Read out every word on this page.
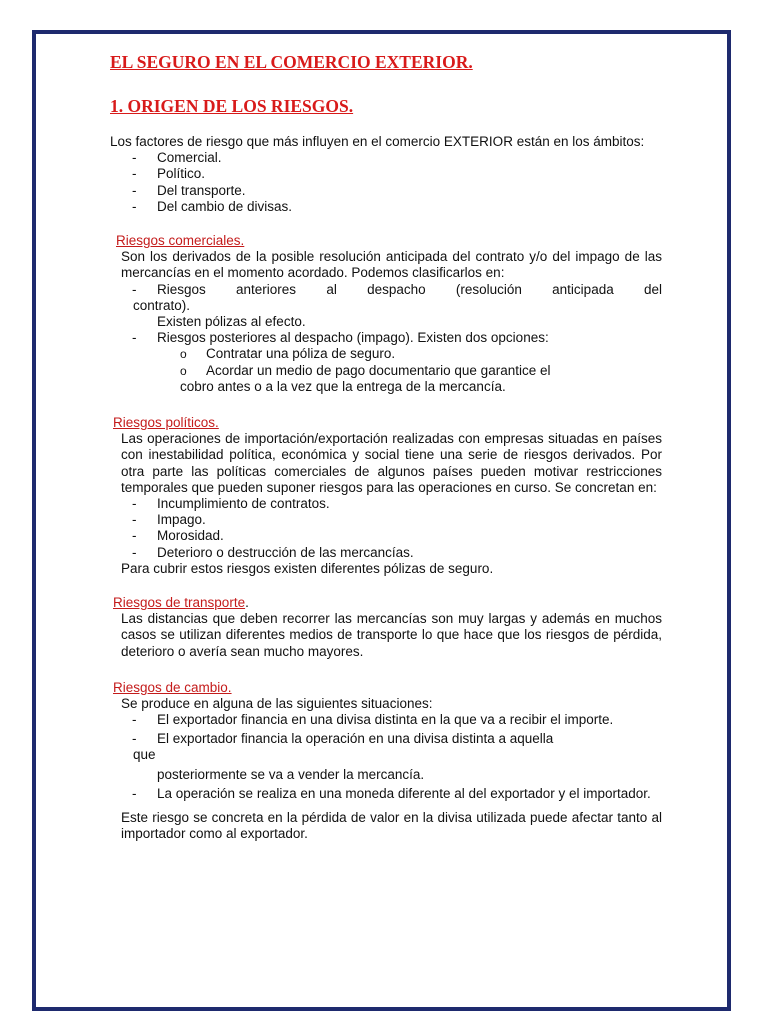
EL SEGURO EN EL COMERCIO EXTERIOR.
1. ORIGEN DE LOS RIESGOS.
Los factores de riesgo que más influyen en el comercio EXTERIOR están en los ámbitos:
- Comercial.
- Político.
- Del transporte.
- Del cambio de divisas.
Riesgos comerciales.
Son los derivados de la posible resolución anticipada del contrato y/o del impago de las mercancías en el momento acordado. Podemos clasificarlos en:
- Riesgos anteriores al despacho (resolución anticipada del
contrato).
Existen pólizas al efecto.
- Riesgos posteriores al despacho (impago). Existen dos opciones:
o Contratar una póliza de seguro.
o Acordar un medio de pago documentario que garantice el
cobro antes o a la vez que la entrega de la mercancía.
Riesgos políticos.
Las operaciones de importación/exportación realizadas con empresas situadas en países con inestabilidad política, económica y social tiene una serie de riesgos derivados. Por otra parte las políticas comerciales de algunos países pueden motivar restricciones temporales que pueden suponer riesgos para las operaciones en curso. Se concretan en:
- Incumplimiento de contratos.
- Impago.
- Morosidad.
- Deterioro o destrucción de las mercancías.
Para cubrir estos riesgos existen diferentes pólizas de seguro.
Riesgos de transporte.
Las distancias que deben recorrer las mercancías son muy largas y además en muchos casos se utilizan diferentes medios de transporte lo que hace que los riesgos de pérdida, deterioro o avería sean mucho mayores.
Riesgos de cambio.
Se produce en alguna de las siguientes situaciones:
- El exportador financia en una divisa distinta en la que va a recibir el importe.
- El exportador financia la operación en una divisa distinta a aquella
que
posteriormente se va a vender la mercancía.
- La operación se realiza en una moneda diferente al del exportador y el importador.
Este riesgo se concreta en la pérdida de valor en la divisa utilizada puede afectar tanto al importador como al exportador.
